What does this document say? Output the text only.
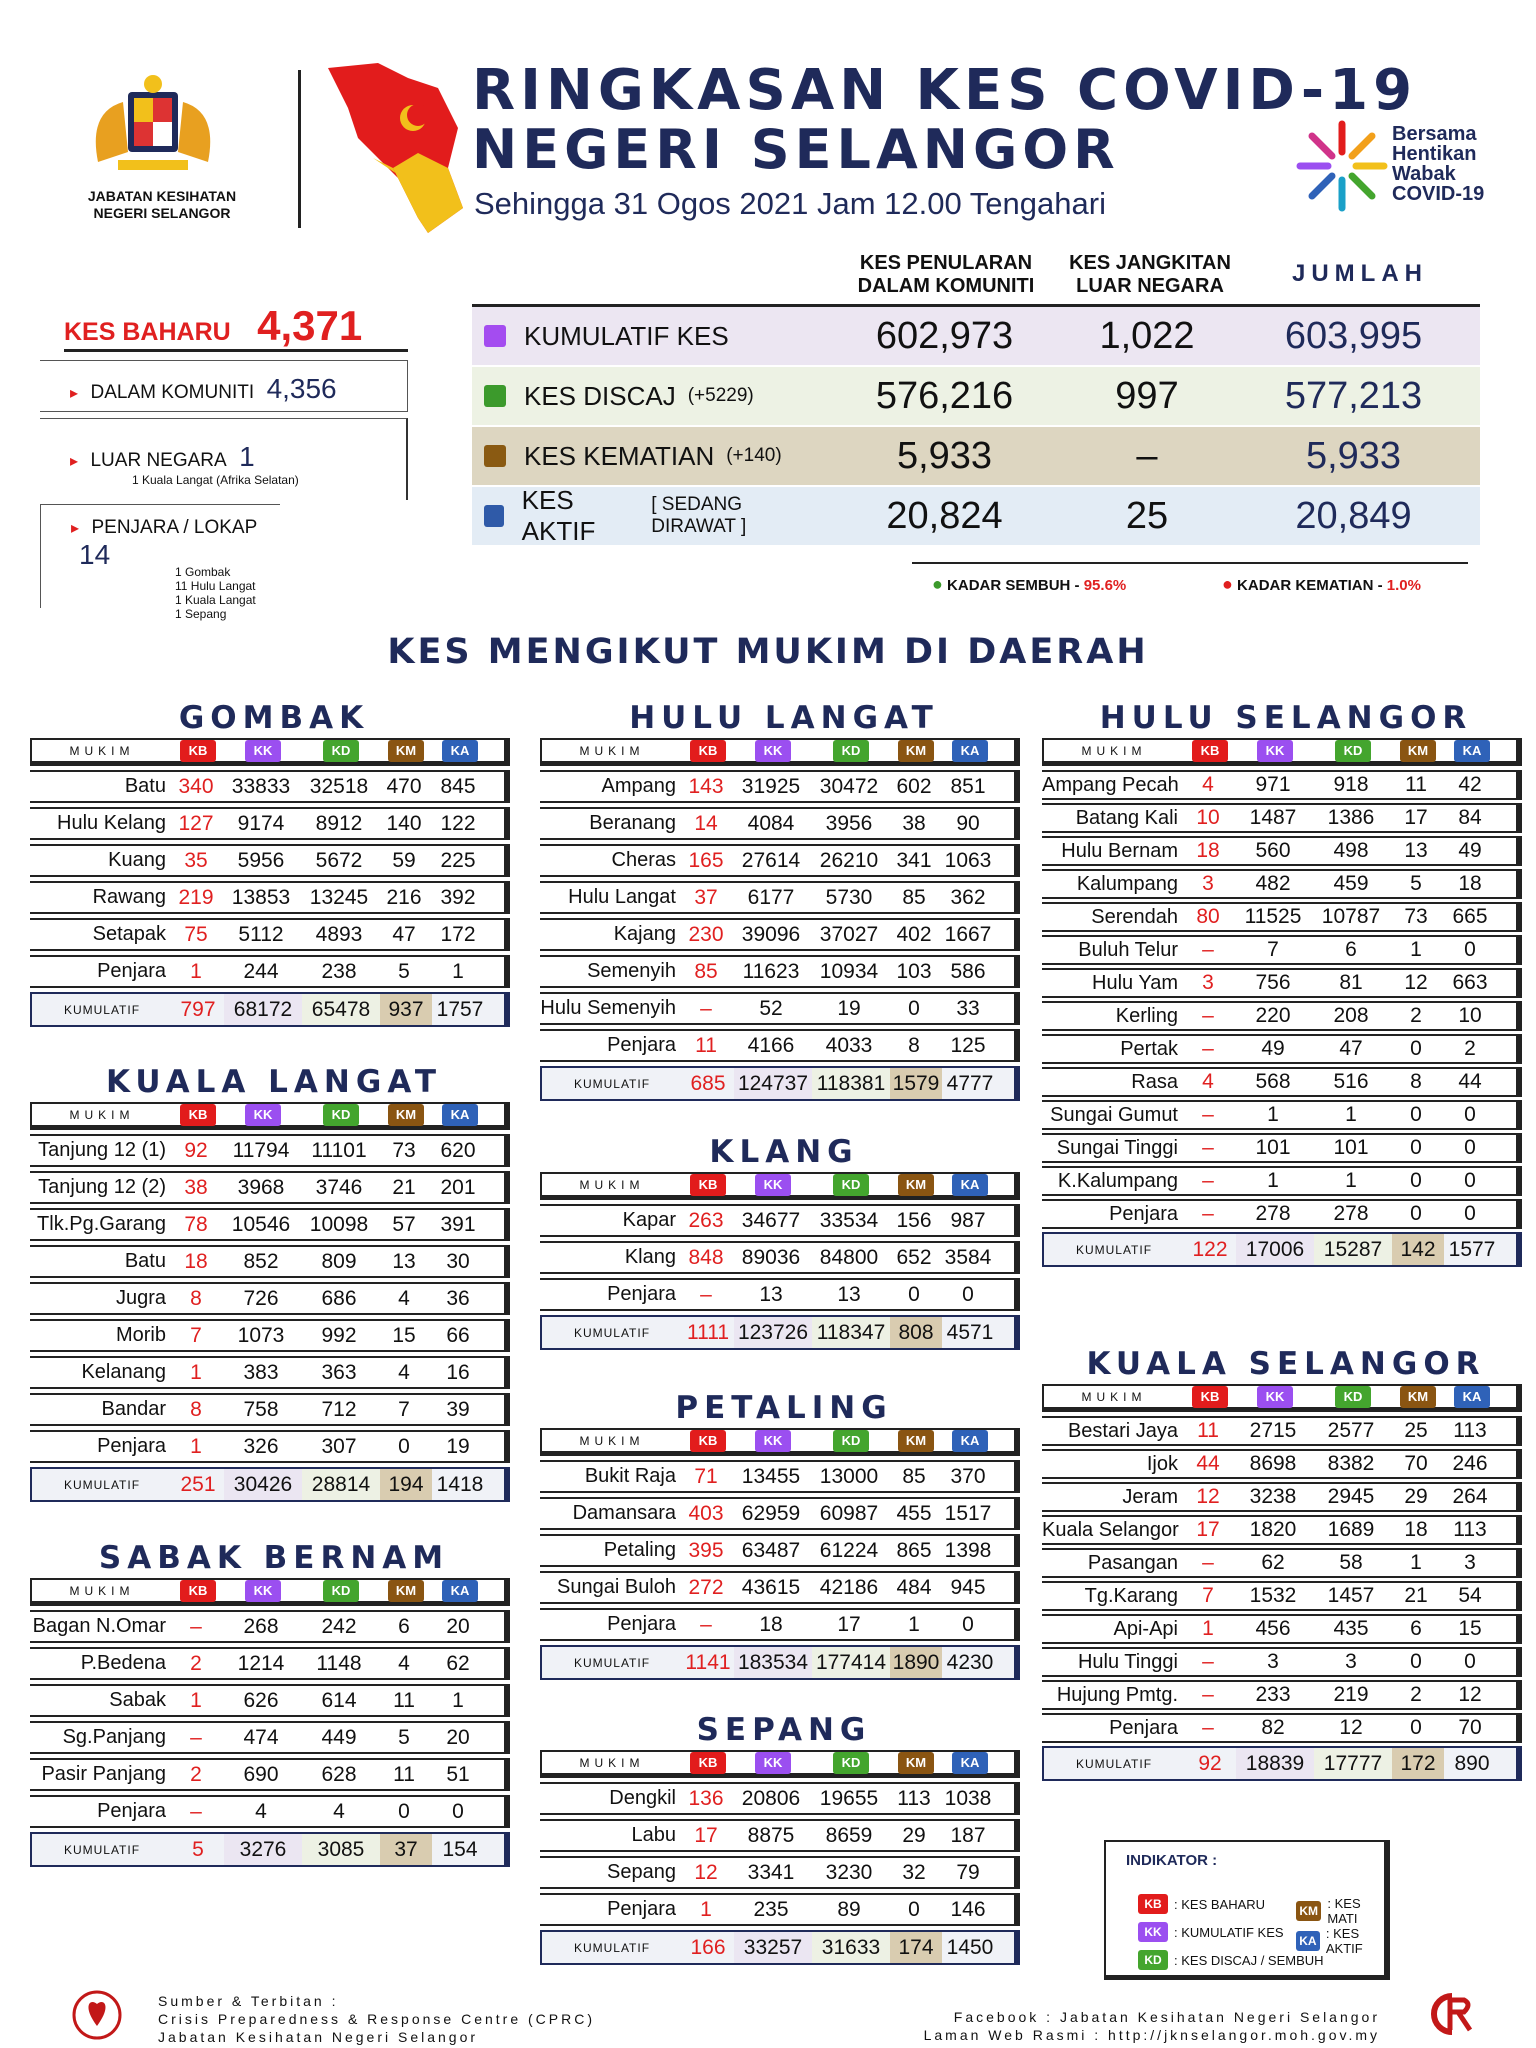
JABATAN KESIHATAN
NEGERI SELANGOR
RINGKASAN KES COVID-19
NEGERI SELANGOR
Sehingga 31 Ogos 2021 Jam 12.00 Tengahari
Bersama
Hentikan
Wabak
COVID-19
KES BAHARU 4,371
▸ DALAM KOMUNITI 4,356
▸ LUAR NEGARA 1
1 Kuala Langat (Afrika Selatan)
▸ PENJARA / LOKAP 14
1 Gombak
11 Hulu Langat
1 Kuala Langat
1 Sepang
KES PENULARAN
DALAM KOMUNITI
KES JANGKITAN
LUAR NEGARA	JUMLAH
KUMULATIF KES	602,973	1,022	603,995
KES DISCAJ (+5229)	576,216	997	577,213
KES KEMATIAN (+140)	5,933	–	5,933
KES AKTIF
[ SEDANG DIRAWAT ]	20,824	25	20,849
● KADAR SEMBUH - 95.6%	● KADAR KEMATIAN - 1.0%
KES MENGIKUT MUKIM DI DAERAH
GOMBAK
MUKIM	KB	KK	KD	KM	KA
Batu 340 33833 32518 470 845
Hulu Kelang 127	9174	8912	140 122
Kuang 35	5956	5672	59	225
Rawang 219 13853 13245 216 392
Setapak 75	5112	4893	47	172
Penjara	1	244	238	5	1
KUMULATIF	797 68172 65478 937 1757
KUALA LANGAT
MUKIM	KB	KK	KD	KM	KA
Tanjung 12 (1) 92	11794	11101	73	620
Tanjung 12 (2) 38	3968	3746	21	201
Tlk.Pg.Garang 78	10546 10098	57	391
Batu 18	852	809	13	30
Jugra	8	726	686	4	36
Morib	7	1073	992	15	66
Kelanang	1	383	363	4	16
Bandar	8	758	712	7	39
Penjara	1	326	307	0	19
KUMULATIF	251 30426 28814 194 1418
SABAK BERNAM
MUKIM	KB	KK	KD	KM	KA
Bagan N.Omar	–	268	242	6	20
P.Bedena	2	1214	1148	4	62
Sabak	1	626	614	11	1
Sg.Panjang	–	474	449	5	20
Pasir Panjang	2	690	628	11	51
Penjara	–	4	4	0	0
KUMULATIF	5	3276	3085	37	154
HULU LANGAT
MUKIM	KB	KK	KD	KM	KA
Ampang 143 31925 30472 602 851
Beranang 14	4084	3956	38	90
Cheras 165 27614 26210 341 1063
Hulu Langat 37	6177	5730	85	362
Kajang 230 39096 37027 402 1667
Semenyih 85	11623 10934 103 586
Hulu Semenyih	–	52	19	0	33
Penjara 11	4166	4033	8	125
KUMULATIF	685 124737 118381 1579 4777
KLANG
MUKIM	KB	KK	KD	KM	KA
Kapar 263 34677 33534 156 987
Klang 848 89036 84800 652 3584
Penjara	–	13	13	0	0
KUMULATIF	1111 123726 118347 808 4571
PETALING
MUKIM	KB	KK	KD	KM	KA
Bukit Raja 71	13455 13000	85	370
Damansara 403 62959 60987 455 1517
Petaling 395 63487 61224 865 1398
Sungai Buloh 272 43615 42186 484 945
Penjara	–	18	17	1	0
KUMULATIF	1141 183534 177414 1890 4230
SEPANG
MUKIM	KB	KK	KD	KM	KA
Dengkil 136 20806 19655 113 1038
Labu 17	8875	8659	29	187
Sepang 12	3341	3230	32	79
Penjara	1	235	89	0	146
KUMULATIF	166 33257 31633 174 1450
HULU SELANGOR
MUKIM	KB	KK	KD	KM	KA
Ampang Pecah	4	971	918	11	42
Batang Kali 10	1487	1386	17	84
Hulu Bernam 18	560	498	13	49
Kalumpang	3	482	459	5	18
Serendah 80	11525 10787	73	665
Buluh Telur	–	7	6	1	0
Hulu Yam	3	756	81	12	663
Kerling	–	220	208	2	10
Pertak	–	49	47	0	2
Rasa	4	568	516	8	44
Sungai Gumut	–	1	1	0	0
Sungai Tinggi	–	101	101	0	0
K.Kalumpang	–	1	1	0	0
Penjara	–	278	278	0	0
KUMULATIF	122 17006 15287 142 1577
KUALA SELANGOR
MUKIM	KB	KK	KD	KM	KA
Bestari Jaya 11	2715	2577	25	113
Ijok 44	8698	8382	70	246
Jeram 12	3238	2945	29	264
Kuala Selangor 17	1820	1689	18	113
Pasangan	–	62	58	1	3
Tg.Karang	7	1532	1457	21	54
Api-Api	1	456	435	6	15
Hulu Tinggi	–	3	3	0	0
Hujung Pmtg.	–	233	219	2	12
Penjara	–	82	12	0	70
KUMULATIF	92	18839 17777 172 890
INDIKATOR :
KB : KES BAHARU
KK : KUMULATIF KES
KD : KES DISCAJ / SEMBUH
KM : KES MATI
KA : KES AKTIF
Sumber & Terbitan :
Crisis Preparedness & Response Centre (CPRC)
Jabatan Kesihatan Negeri Selangor
Facebook : Jabatan Kesihatan Negeri Selangor
Laman Web Rasmi : http://jknselangor.moh.gov.my
